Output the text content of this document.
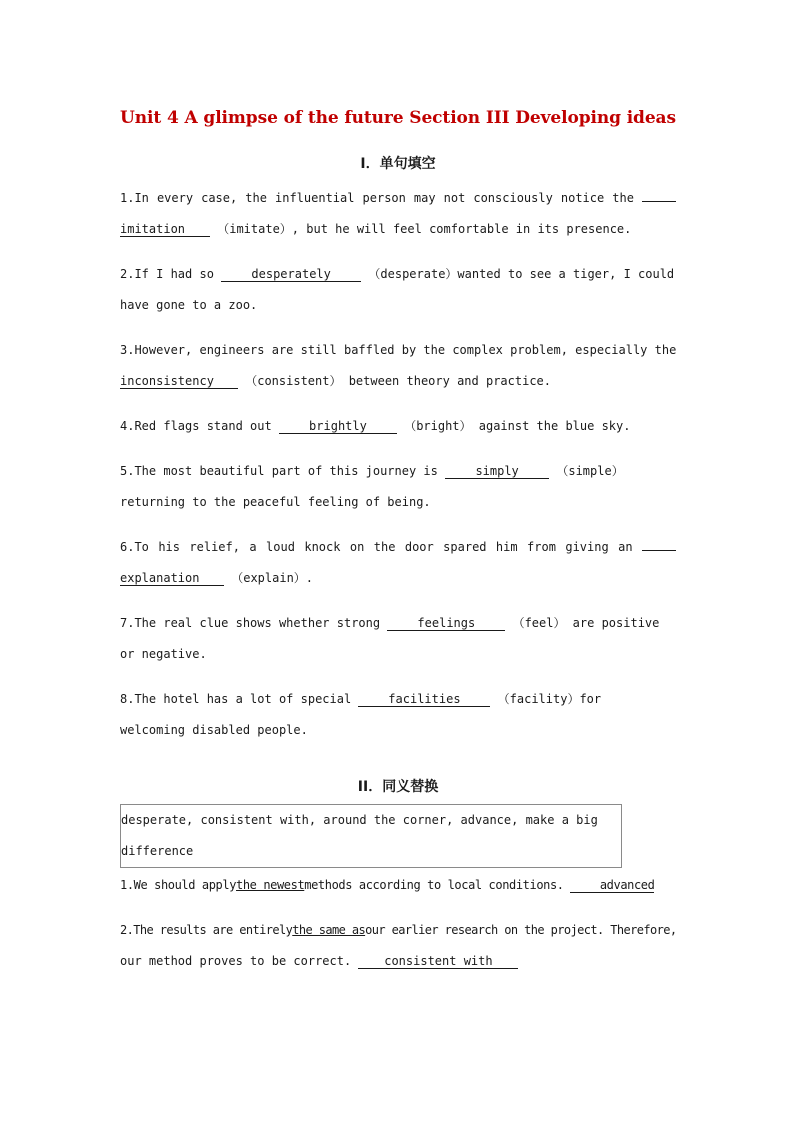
Unit 4 A glimpse of the future Section III Developing ideas
I．单句填空

1.In every case, the influential person may not consciously notice the

imitation	（imitate）, but he will feel comfortable in its presence.

2.If I had so	desperately	（desperate）wanted to see a tiger, I could

have gone to a zoo.

3.However, engineers are still baffled by the complex problem, especially the

inconsistency	（consistent） between theory and practice.

4.Red flags stand out	brightly	（bright） against the blue sky.

5.The most beautiful part of this journey is	simply	（simple）

returning to the peaceful feeling of being.

6.To his relief, a loud knock on the door spared him from giving an

explanation	（explain）.

7.The real clue shows whether strong	feelings	（feel） are positive

or negative.

8.The hotel has a lot of special	facilities	（facility）for

welcoming disabled people.

II．同义替换

desperate, consistent with, around the corner, advance, make a big

difference

1.We should applythe newestmethods according to local conditions.	advanced

2.The results are entirelythe same asour earlier research on the project. Therefore,

our method proves to be correct.	consistent with
